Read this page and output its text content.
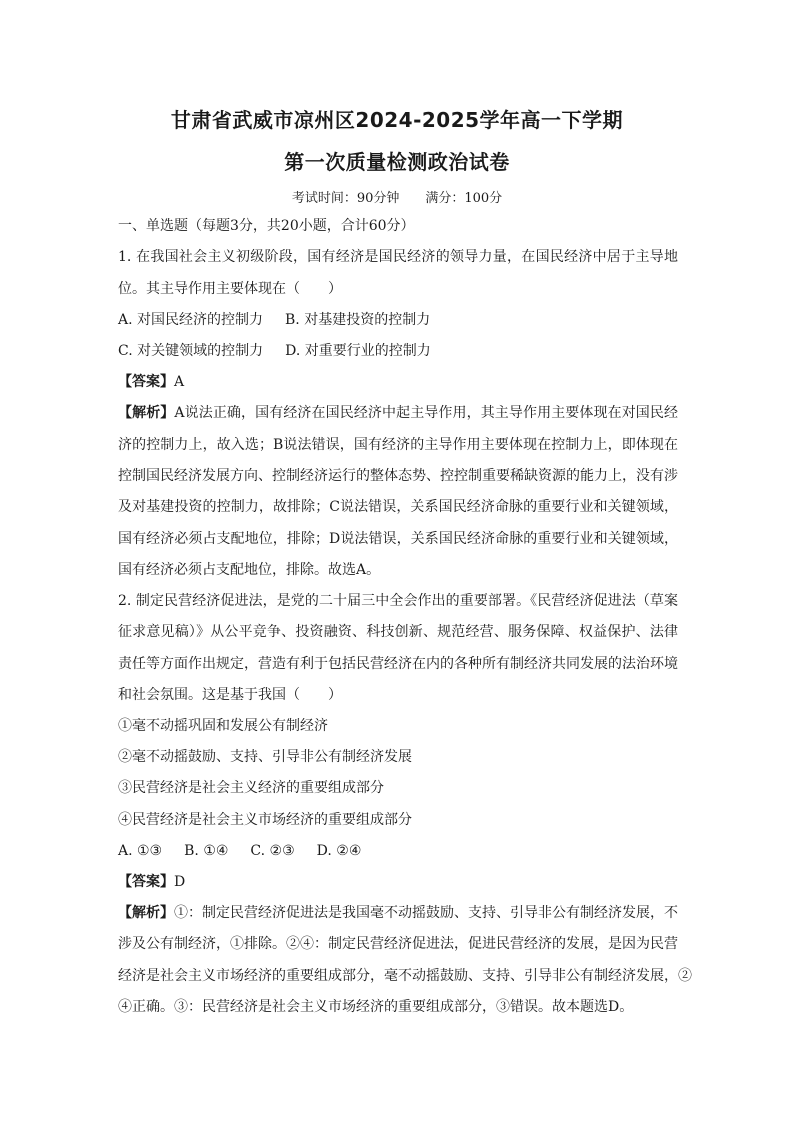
甘肃省武威市凉州区2024-2025学年高一下学期
第一次质量检测政治试卷
考试时间：90分钟 满分：100分
一、单选题（每题3分，共20小题，合计60分）
1. 在我国社会主义初级阶段，国有经济是国民经济的领导力量，在国民经济中居于主导地
位。其主导作用主要体现在（　　）
A. 对国民经济的控制力 B. 对基建投资的控制力
C. 对关键领域的控制力 D. 对重要行业的控制力
【答案】A
【解析】A说法正确，国有经济在国民经济中起主导作用，其主导作用主要体现在对国民经
济的控制力上，故入选；B说法错误，国有经济的主导作用主要体现在控制力上，即体现在
控制国民经济发展方向、控制经济运行的整体态势、控控制重要稀缺资源的能力上，没有涉
及对基建投资的控制力，故排除；C说法错误，关系国民经济命脉的重要行业和关键领域，
国有经济必须占支配地位，排除；D说法错误，关系国民经济命脉的重要行业和关键领域，
国有经济必须占支配地位，排除。故选A。
2. 制定民营经济促进法，是党的二十届三中全会作出的重要部署。《民营经济促进法（草案
征求意见稿）》从公平竞争、投资融资、科技创新、规范经营、服务保障、权益保护、法律
责任等方面作出规定，营造有利于包括民营经济在内的各种所有制经济共同发展的法治环境
和社会氛围。这是基于我国（　　）
①毫不动摇巩固和发展公有制经济
②毫不动摇鼓励、支持、引导非公有制经济发展
③民营经济是社会主义经济的重要组成部分
④民营经济是社会主义市场经济的重要组成部分
A. ①③ B. ①④ C. ②③ D. ②④
【答案】D
【解析】①：制定民营经济促进法是我国毫不动摇鼓励、支持、引导非公有制经济发展，不
涉及公有制经济，①排除。②④：制定民营经济促进法，促进民营经济的发展，是因为民营
经济是社会主义市场经济的重要组成部分，毫不动摇鼓励、支持、引导非公有制经济发展，②
④正确。③：民营经济是社会主义市场经济的重要组成部分，③错误。故本题选D。
